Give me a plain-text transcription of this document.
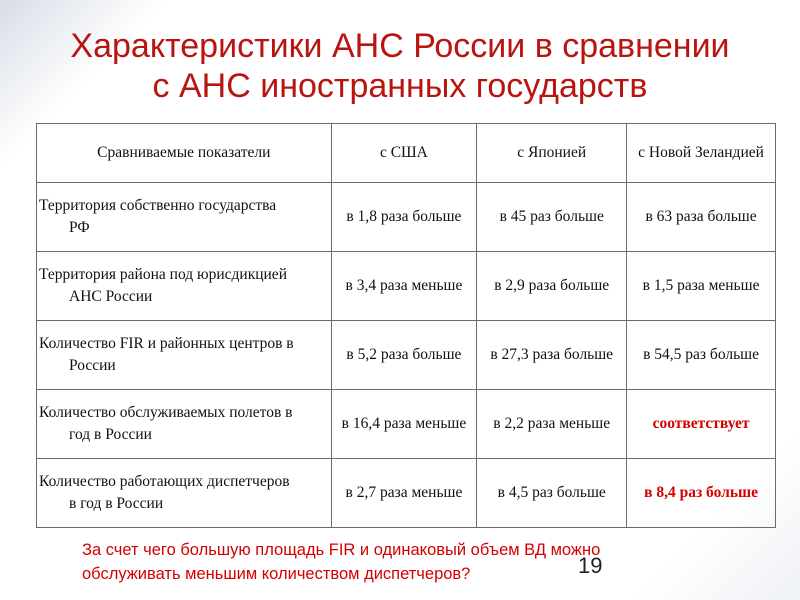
Характеристики АНС России в сравнении
с АНС иностранных государств
Сравниваемые показатели	с США	с Японией	с Новой Зеландией

Территория собственно государства
РФ	в 1,8 раза больше	в 45 раз больше	в 63 раза больше

Территория района под юрисдикцией
АНС России	в 3,4 раза меньше	в 2,9 раза больше	в 1,5 раза меньше

Количество FIR и районных центров в
России	в 5,2 раза больше	в 27,3 раза больше	в 54,5 раз больше

Количество обслуживаемых полетов в
год в России	в 16,4 раза меньше	в 2,2 раза меньше	соответствует

Количество работающих диспетчеров
в год в России	в 2,7 раза меньше	в 4,5 раз больше	в 8,4 раз больше
За счет чего большую площадь FIR и одинаковый объем ВД можно
обслуживать меньшим количеством диспетчеров?	19
